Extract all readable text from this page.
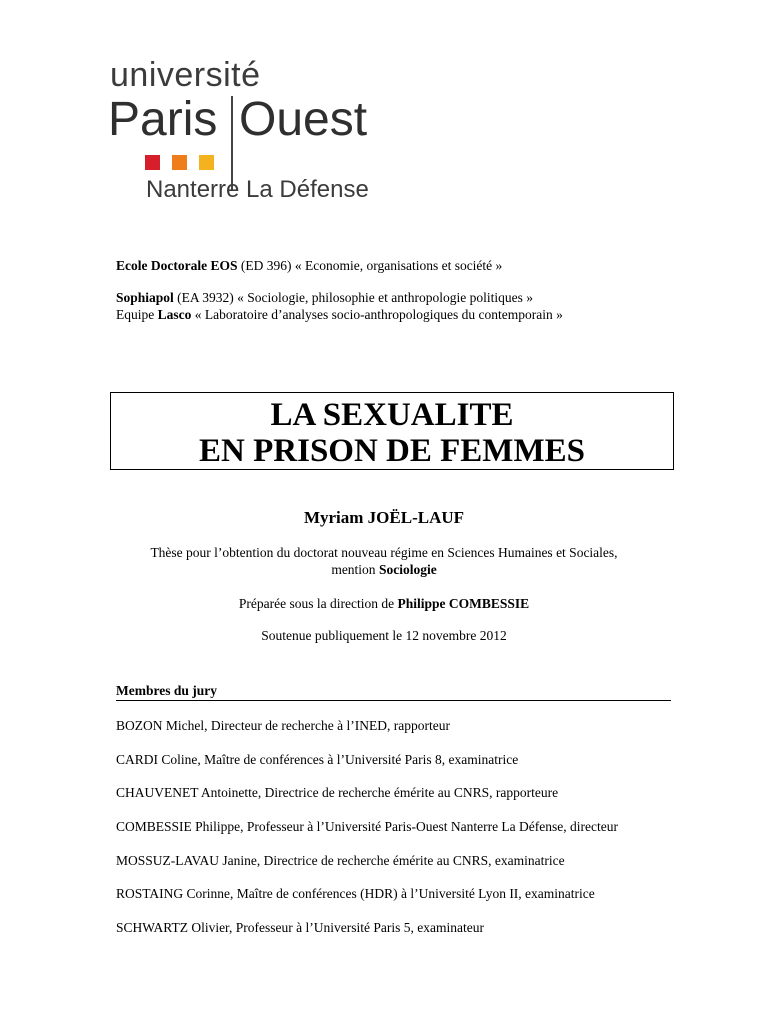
université
Paris Ouest
Nanterre La Défense
Ecole Doctorale EOS (ED 396) « Economie, organisations et société »
Sophiapol (EA 3932) « Sociologie, philosophie et anthropologie politiques »
Equipe Lasco « Laboratoire d’analyses socio-anthropologiques du contemporain »
LA SEXUALITE
EN PRISON DE FEMMES
Myriam JOËL-LAUF
Thèse pour l’obtention du doctorat nouveau régime en Sciences Humaines et Sociales,
mention Sociologie
Préparée sous la direction de Philippe COMBESSIE
Soutenue publiquement le 12 novembre 2012
Membres du jury
BOZON Michel, Directeur de recherche à l’INED, rapporteur
CARDI Coline, Maître de conférences à l’Université Paris 8, examinatrice
CHAUVENET Antoinette, Directrice de recherche émérite au CNRS, rapporteure
COMBESSIE Philippe, Professeur à l’Université Paris-Ouest Nanterre La Défense, directeur
MOSSUZ-LAVAU Janine, Directrice de recherche émérite au CNRS, examinatrice
ROSTAING Corinne, Maître de conférences (HDR) à l’Université Lyon II, examinatrice
SCHWARTZ Olivier, Professeur à l’Université Paris 5, examinateur
